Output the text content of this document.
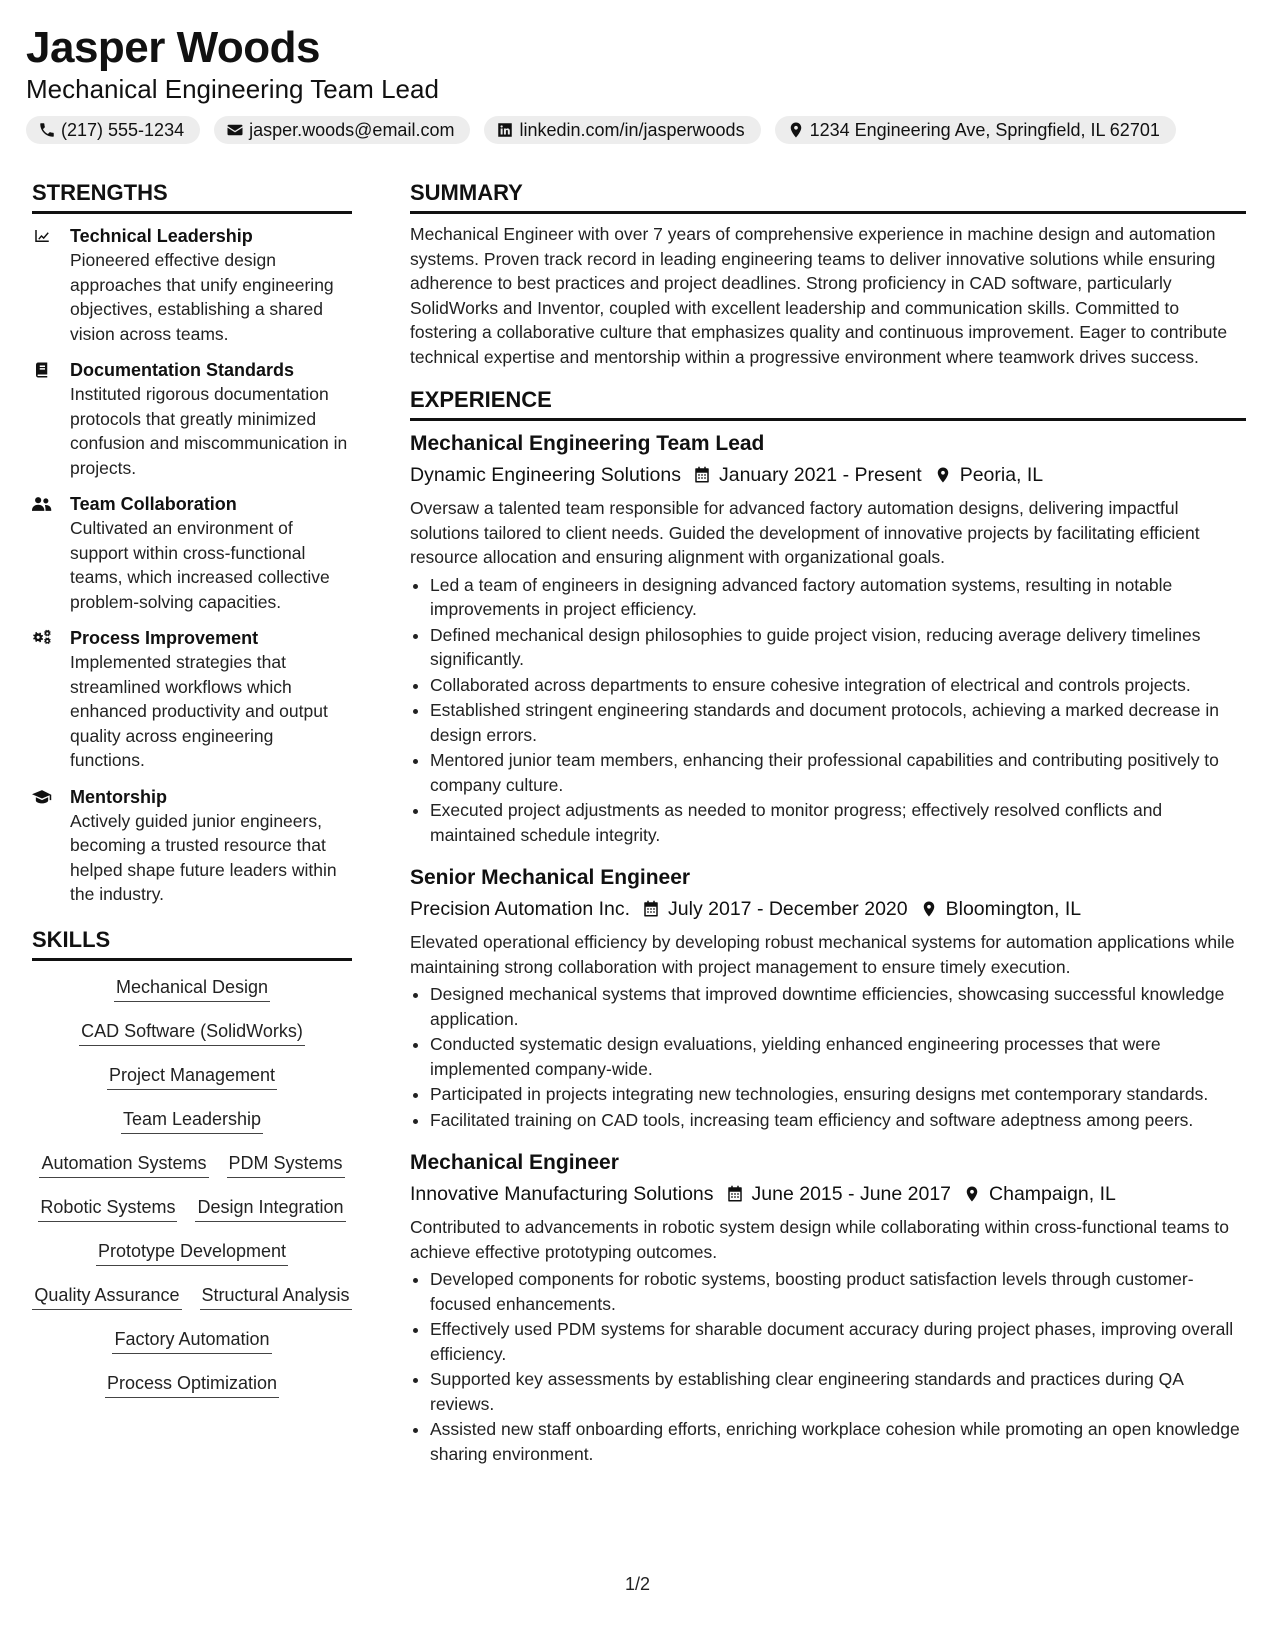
Jasper Woods
Mechanical Engineering Team Lead
(217) 555-1234	jasper.woods@email.com	linkedin.com/in/jasperwoods	1234 Engineering Ave, Springfield, IL 62701
STRENGTHS
Technical Leadership
Pioneered effective design approaches that unify engineering objectives, establishing a shared vision across teams.
Documentation Standards
Instituted rigorous documentation protocols that greatly minimized confusion and miscommunication in projects.
Team Collaboration
Cultivated an environment of support within cross-functional teams, which increased collective problem-solving capacities.
Process Improvement
Implemented strategies that streamlined workflows which enhanced productivity and output quality across engineering functions.
Mentorship
Actively guided junior engineers, becoming a trusted resource that helped shape future leaders within the industry.
SKILLS
Mechanical Design
CAD Software (SolidWorks)
Project Management
Team Leadership
Automation Systems PDM Systems
Robotic Systems Design Integration
Prototype Development
Quality Assurance Structural Analysis
Factory Automation
Process Optimization
SUMMARY
Mechanical Engineer with over 7 years of comprehensive experience in machine design and automation systems. Proven track record in leading engineering teams to deliver innovative solutions while ensuring adherence to best practices and project deadlines. Strong proficiency in CAD software, particularly SolidWorks and Inventor, coupled with excellent leadership and communication skills. Committed to fostering a collaborative culture that emphasizes quality and continuous improvement. Eager to contribute technical expertise and mentorship within a progressive environment where teamwork drives success.
EXPERIENCE
Mechanical Engineering Team Lead
Dynamic Engineering Solutions January 2021 - Present Peoria, IL
Oversaw a talented team responsible for advanced factory automation designs, delivering impactful solutions tailored to client needs. Guided the development of innovative projects by facilitating efficient resource allocation and ensuring alignment with organizational goals.
• Led a team of engineers in designing advanced factory automation systems, resulting in notable improvements in project efficiency.
• Defined mechanical design philosophies to guide project vision, reducing average delivery timelines significantly.
• Collaborated across departments to ensure cohesive integration of electrical and controls projects.
• Established stringent engineering standards and document protocols, achieving a marked decrease in design errors.
• Mentored junior team members, enhancing their professional capabilities and contributing positively to company culture.
• Executed project adjustments as needed to monitor progress; effectively resolved conflicts and maintained schedule integrity.
Senior Mechanical Engineer
Precision Automation Inc. July 2017 - December 2020 Bloomington, IL
Elevated operational efficiency by developing robust mechanical systems for automation applications while maintaining strong collaboration with project management to ensure timely execution.
• Designed mechanical systems that improved downtime efficiencies, showcasing successful knowledge application.
• Conducted systematic design evaluations, yielding enhanced engineering processes that were implemented company-wide.
• Participated in projects integrating new technologies, ensuring designs met contemporary standards.
• Facilitated training on CAD tools, increasing team efficiency and software adeptness among peers.
Mechanical Engineer
Innovative Manufacturing Solutions June 2015 - June 2017 Champaign, IL
Contributed to advancements in robotic system design while collaborating within cross-functional teams to achieve effective prototyping outcomes.
• Developed components for robotic systems, boosting product satisfaction levels through customer-focused enhancements.
• Effectively used PDM systems for sharable document accuracy during project phases, improving overall efficiency.
• Supported key assessments by establishing clear engineering standards and practices during QA reviews.
• Assisted new staff onboarding efforts, enriching workplace cohesion while promoting an open knowledge sharing environment.
1/2
